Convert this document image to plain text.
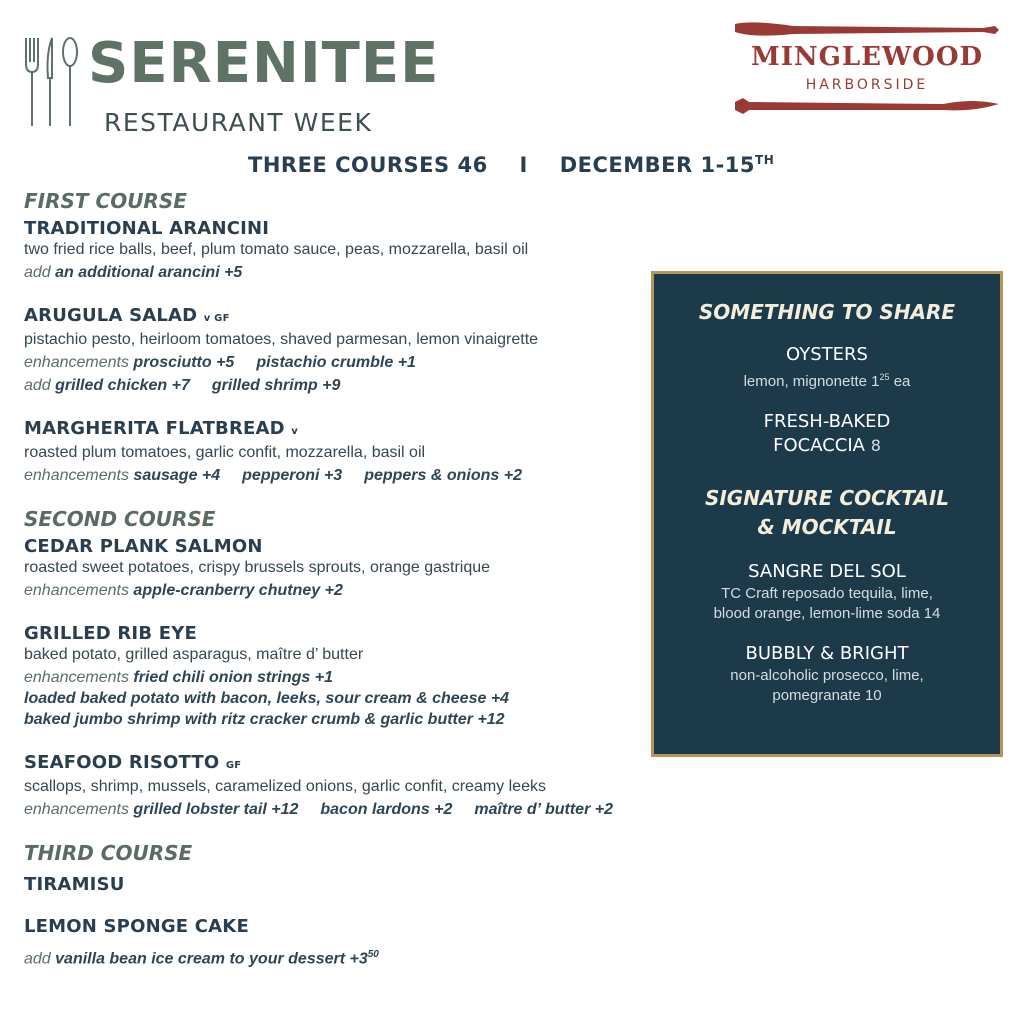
SERENITEE
RESTAURANT WEEK
MINGLEWOOD
HARBORSIDE
THREE COURSES 46 I DECEMBER 1-15TH
FIRST COURSE
TRADITIONAL ARANCINI
two fried rice balls, beef, plum tomato sauce, peas, mozzarella, basil oil
add an additional arancini +5
ARUGULA SALAD v GF
pistachio pesto, heirloom tomatoes, shaved parmesan, lemon vinaigrette
enhancements prosciutto +5 pistachio crumble +1
add grilled chicken +7 grilled shrimp +9
MARGHERITA FLATBREAD v
roasted plum tomatoes, garlic confit, mozzarella, basil oil
enhancements sausage +4 pepperoni +3 peppers & onions +2
SECOND COURSE
CEDAR PLANK SALMON
roasted sweet potatoes, crispy brussels sprouts, orange gastrique
enhancements apple-cranberry chutney +2
GRILLED RIB EYE
baked potato, grilled asparagus, maître d’ butter
enhancements fried chili onion strings +1
loaded baked potato with bacon, leeks, sour cream & cheese +4
baked jumbo shrimp with ritz cracker crumb & garlic butter +12
SEAFOOD RISOTTO GF
scallops, shrimp, mussels, caramelized onions, garlic confit, creamy leeks
enhancements grilled lobster tail +12 bacon lardons +2 maître d’ butter +2
THIRD COURSE
TIRAMISU
LEMON SPONGE CAKE
add vanilla bean ice cream to your dessert $+3^{50}$
SOMETHING TO SHARE
OYSTERS
lemon, mignonette $1^{25}$ ea
FRESH-BAKED
FOCACCIA 8
SIGNATURE COCKTAIL
& MOCKTAIL
SANGRE DEL SOL
TC Craft reposado tequila, lime,
blood orange, lemon-lime soda 14
BUBBLY & BRIGHT
non-alcoholic prosecco, lime,
pomegranate 10
